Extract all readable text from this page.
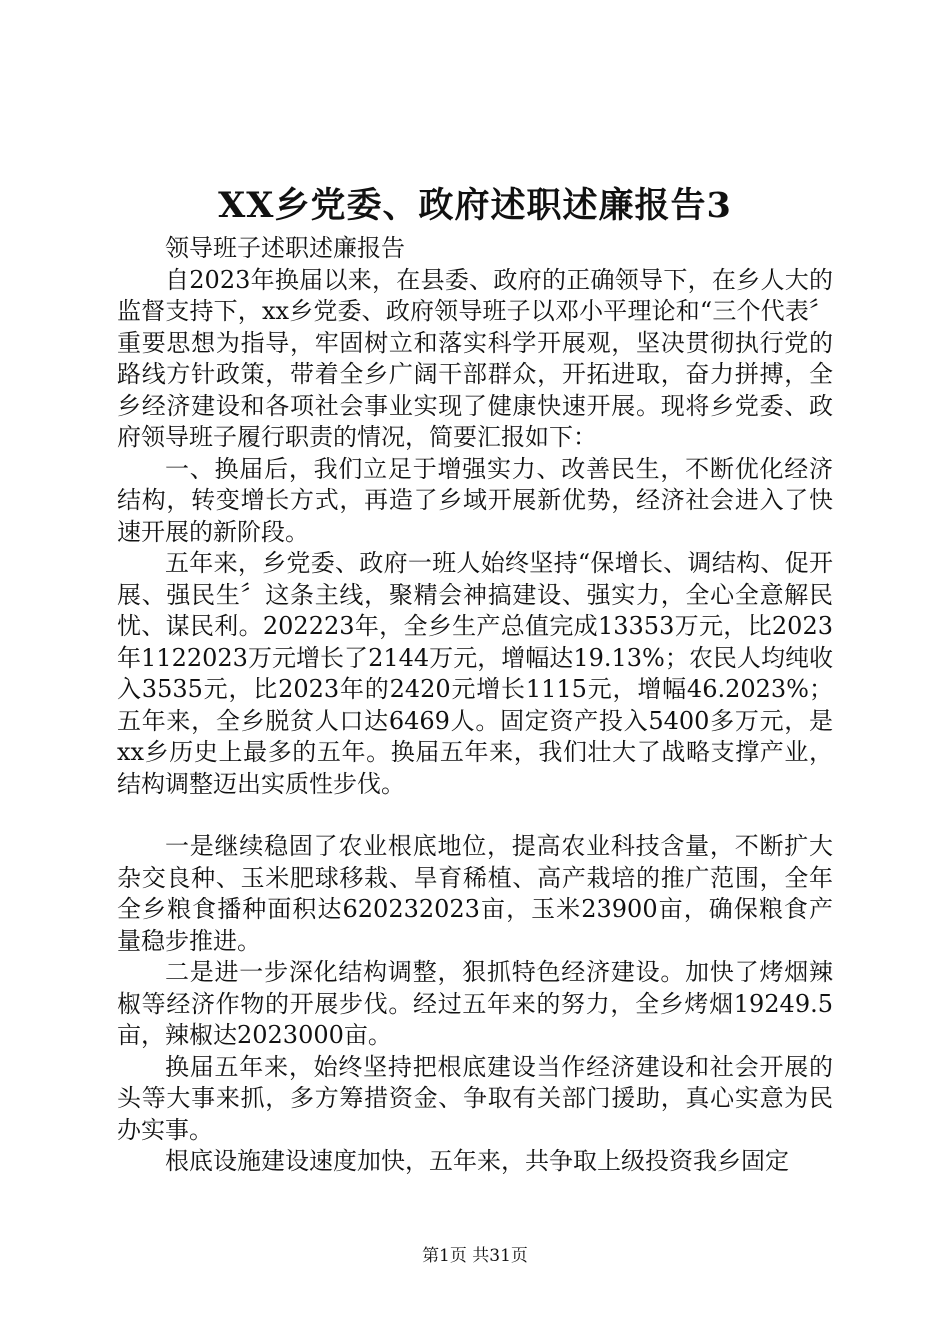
XX乡党委、政府述职述廉报告3

领导班子述职述廉报告

自2023年换届以来，在县委、政府的正确领导下，在乡人大的监督支持下，xx乡党委、政府领导班子以邓小平理论和“三个代表〞重要思想为指导，牢固树立和落实科学开展观，坚决贯彻执行党的路线方针政策，带着全乡广阔干部群众，开拓进取，奋力拼搏，全乡经济建设和各项社会事业实现了健康快速开展。现将乡党委、政府领导班子履行职责的情况，简要汇报如下：

一、换届后，我们立足于增强实力、改善民生，不断优化经济结构，转变增长方式，再造了乡域开展新优势，经济社会进入了快速开展的新阶段。

五年来，乡党委、政府一班人始终坚持“保增长、调结构、促开展、强民生〞这条主线，聚精会神搞建设、强实力，全心全意解民忧、谋民利。202223年，全乡生产总值完成13353万元，比2023年1122023万元增长了2144万元，增幅达19.13%；农民人均纯收入3535元，比2023年的2420元增长1115元，增幅46.2023%；五年来，全乡脱贫人口达6469人。固定资产投入5400多万元，是xx乡历史上最多的五年。换届五年来，我们壮大了战略支撑产业，结构调整迈出实质性步伐。

一是继续稳固了农业根底地位，提高农业科技含量，不断扩大杂交良种、玉米肥球移栽、旱育稀植、高产栽培的推广范围，全年全乡粮食播种面积达620232023亩，玉米23900亩，确保粮食产量稳步推进。

二是进一步深化结构调整，狠抓特色经济建设。加快了烤烟辣椒等经济作物的开展步伐。经过五年来的努力，全乡烤烟19249.5亩，辣椒达2023000亩。

换届五年来，始终坚持把根底建设当作经济建设和社会开展的头等大事来抓，多方筹措资金、争取有关部门援助，真心实意为民办实事。

根底设施建设速度加快，五年来，共争取上级投资我乡固定

第1页 共31页
